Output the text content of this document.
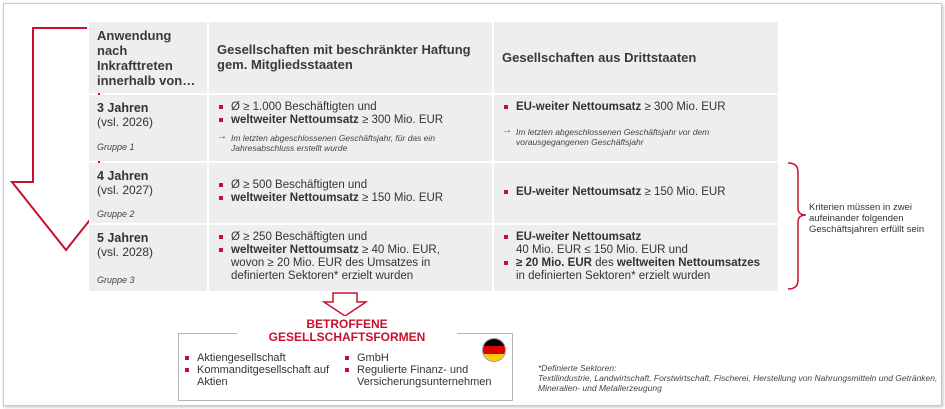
Anwendung nach Inkrafttreten innerhalb von…
Gesellschaften mit beschränkter Haftung gem. Mitgliedsstaaten	Gesellschaften aus Drittstaaten
3 Jahren
(vsl. 2026)
Gruppe 1
Ø ≥ 1.000 Beschäftigten und
weltweiter Nettoumsatz ≥ 300 Mio. EUR
→ Im letzten abgeschlossenen Geschäftsjahr, für das ein Jahresabschluss erstellt wurde
EU-weiter Nettoumsatz ≥ 300 Mio. EUR
→ Im letzten abgeschlossenen Geschäftsjahr vor dem vorausgegangenen Geschäftsjahr
4 Jahren
(vsl. 2027)
Gruppe 2
Ø ≥ 500 Beschäftigten und
weltweiter Nettoumsatz ≥ 150 Mio. EUR	EU-weiter Nettoumsatz ≥ 150 Mio. EUR
5 Jahren
(vsl. 2028)
Gruppe 3
Ø ≥ 250 Beschäftigten und
weltweiter Nettoumsatz ≥ 40 Mio. EUR,
wovon ≥ 20 Mio. EUR des Umsatzes in
definierten Sektoren* erzielt wurden
EU-weiter Nettoumsatz
40 Mio. EUR ≤ 150 Mio. EUR und
≥ 20 Mio. EUR des weltweiten Nettoumsatzes
in definierten Sektoren* erzielt wurden
Kriterien müssen in zwei aufeinander folgenden Geschäftsjahren erfüllt sein
Aktiengesellschaft
Kommanditgesellschaft auf
Aktien
GmbH
Regulierte Finanz- und
Versicherungsunternehmen
BETROFFENE
GESELLSCHAFTSFORMEN
*Definierte Sektoren:
Textilindustrie, Landwirtschaft, Forstwirtschaft, Fischerei, Herstellung von Nahrungsmitteln und Getränken, Mineralien- und Metallerzeugung
